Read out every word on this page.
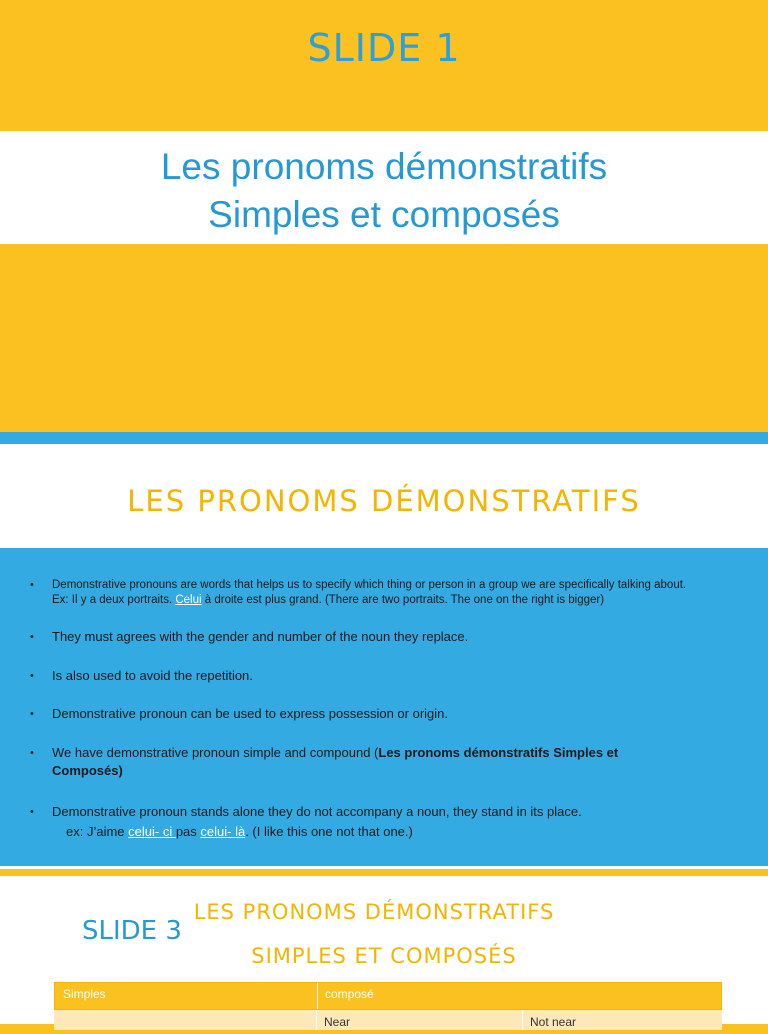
SLIDE 1
Les pronoms démonstratifs
Simples et composés
LES PRONOMS DÉMONSTRATIFS
• Demonstrative pronouns are words that helps us to specify which thing or person in a group we are specifically talking about.
Ex: Il y a deux portraits. Celui à droite est plus grand. (There are two portraits. The one on the right is bigger)
• They must agrees with the gender and number of the noun they replace.
• Is also used to avoid the repetition.
• Demonstrative pronoun can be used to express possession or origin.
• We have demonstrative pronoun simple and compound (Les pronoms démonstratifs Simples et
Composés)
• Demonstrative pronoun stands alone they do not accompany a noun, they stand in its place.
ex: J’aime celui- ci pas celui- là. (I like this one not that one.)
SLIDE 3
LES PRONOMS DÉMONSTRATIFS
SIMPLES ET COMPOSÉS
Simples	composé
Near	Not near
